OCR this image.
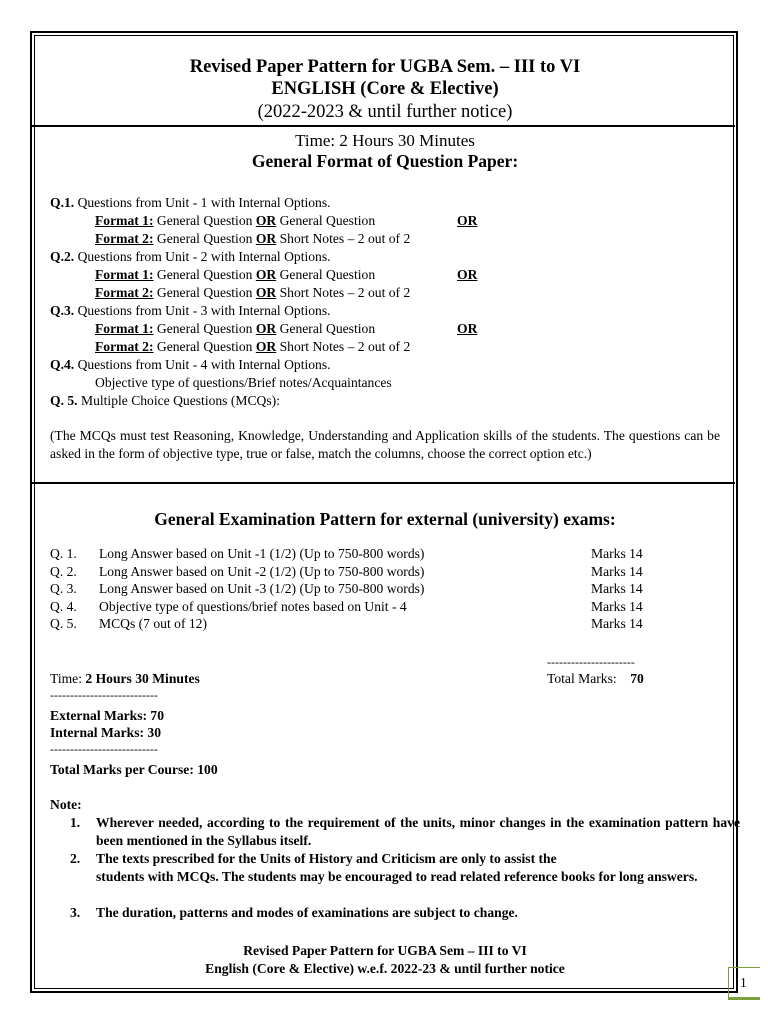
Revised Paper Pattern for UGBA Sem. – III to VI
ENGLISH (Core & Elective)
(2022-2023 & until further notice)
Time: 2 Hours 30 Minutes
General Format of Question Paper:
Q.1. Questions from Unit - 1 with Internal Options.
Format 1: General Question OR General Question	OR
Format 2: General Question OR Short Notes – 2 out of 2
Q.2. Questions from Unit - 2 with Internal Options.
Format 1: General Question OR General Question	OR
Format 2: General Question OR Short Notes – 2 out of 2
Q.3. Questions from Unit - 3 with Internal Options.
Format 1: General Question OR General Question	OR
Format 2: General Question OR Short Notes – 2 out of 2
Q.4. Questions from Unit - 4 with Internal Options.
Objective type of questions/Brief notes/Acquaintances
Q. 5. Multiple Choice Questions (MCQs):
(The MCQs must test Reasoning, Knowledge, Understanding and Application skills of the students. The questions can be asked in the form of objective type, true or false, match the columns, choose the correct option etc.)
General Examination Pattern for external (university) exams:
Q. 1. Long Answer based on Unit -1 (1/2) (Up to 750-800 words)	Marks 14
Q. 2. Long Answer based on Unit -2 (1/2) (Up to 750-800 words)	Marks 14
Q. 3. Long Answer based on Unit -3 (1/2) (Up to 750-800 words)	Marks 14
Q. 4. Objective type of questions/brief notes based on Unit - 4	Marks 14
Q. 5. MCQs (7 out of 12)	Marks 14
----------------------
Time: 2 Hours 30 Minutes	Total Marks: 70
---------------------------
External Marks: 70
Internal Marks: 30
---------------------------
Total Marks per Course: 100
Note:
1. Wherever needed, according to the requirement of the units, minor changes in the examination pattern have been mentioned in the Syllabus itself.
2. The texts prescribed for the Units of History and Criticism are only to assist the
students with MCQs. The students may be encouraged to read related reference books for long answers.
3. The duration, patterns and modes of examinations are subject to change.
Revised Paper Pattern for UGBA Sem – III to VI
English (Core & Elective) w.e.f. 2022-23 & until further notice
1
